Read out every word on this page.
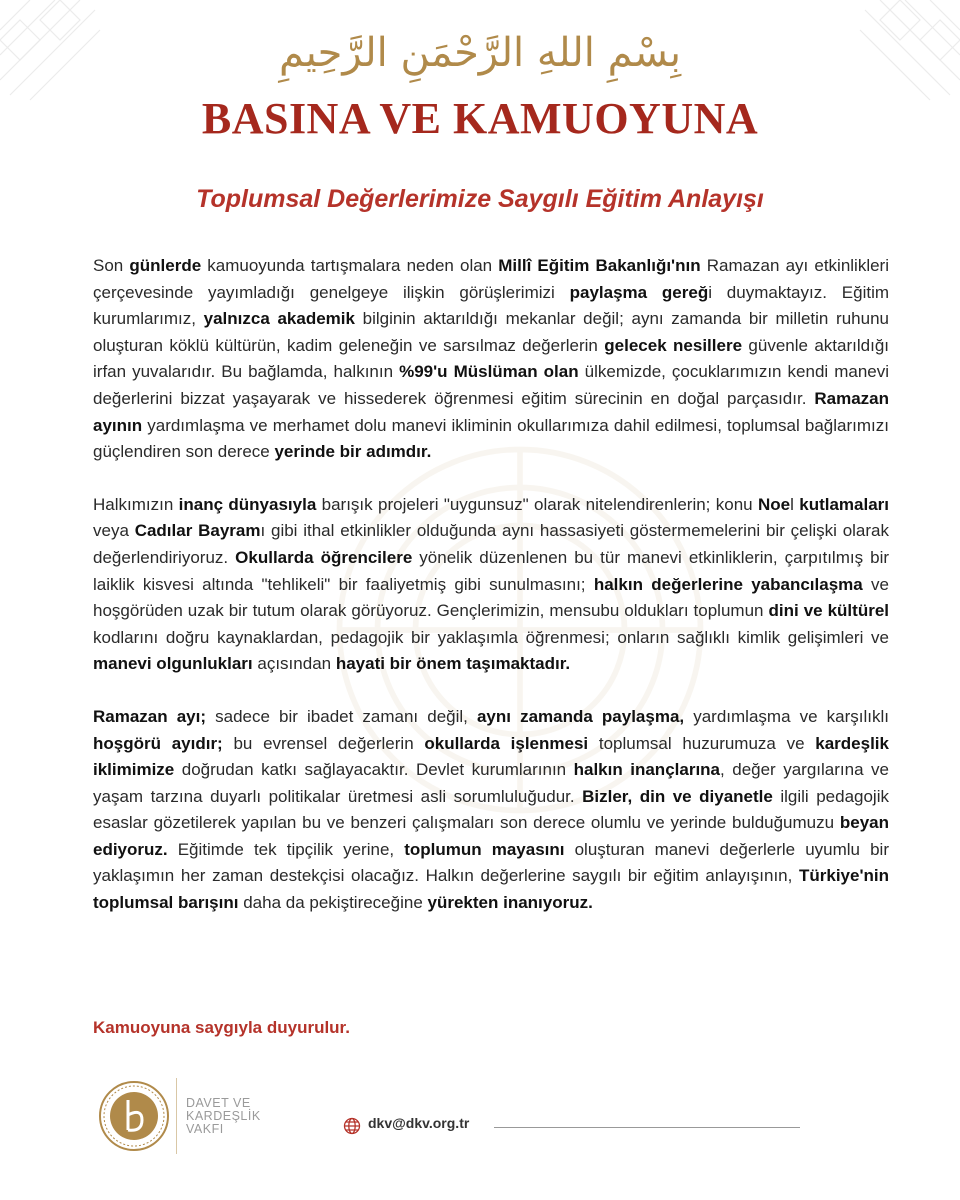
بِسْمِ اللهِ الرَّحْمَنِ الرَّحِيمِ
BASINA VE KAMUOYUNA
Toplumsal Değerlerimize Saygılı Eğitim Anlayışı

Son günlerde kamuoyunda tartışmalara neden olan Millî Eğitim Bakanlığı'nın Ramazan ayı etkinlikleri çerçevesinde yayımladığı genelgeye ilişkin görüşlerimizi paylaşma gereği duymaktayız. Eğitim kurumlarımız, yalnızca akademik bilginin aktarıldığı mekanlar değil; aynı zamanda bir milletin ruhunu oluşturan köklü kültürün, kadim geleneğin ve sarsılmaz değerlerin gelecek nesillere güvenle aktarıldığı irfan yuvalarıdır. Bu bağlamda, halkının %99'u Müslüman olan ülkemizde, çocuklarımızın kendi manevi değerlerini bizzat yaşayarak ve hissederek öğrenmesi eğitim sürecinin en doğal parçasıdır. Ramazan ayının yardımlaşma ve merhamet dolu manevi ikliminin okullarımıza dahil edilmesi, toplumsal bağlarımızı güçlendiren son derece yerinde bir adımdır.

Halkımızın inanç dünyasıyla barışık projeleri "uygunsuz" olarak nitelendirenlerin; konu Noel kutlamaları veya Cadılar Bayramı gibi ithal etkinlikler olduğunda aynı hassasiyeti göstermemelerini bir çelişki olarak değerlendiriyoruz. Okullarda öğrencilere yönelik düzenlenen bu tür manevi etkinliklerin, çarpıtılmış bir laiklik kisvesi altında "tehlikeli" bir faaliyetmiş gibi sunulmasını; halkın değerlerine yabancılaşma ve hoşgörüden uzak bir tutum olarak görüyoruz. Gençlerimizin, mensubu oldukları toplumun dini ve kültürel kodlarını doğru kaynaklardan, pedagojik bir yaklaşımla öğrenmesi; onların sağlıklı kimlik gelişimleri ve manevi olgunlukları açısından hayati bir önem taşımaktadır.

Ramazan ayı; sadece bir ibadet zamanı değil, aynı zamanda paylaşma, yardımlaşma ve karşılıklı hoşgörü ayıdır; bu evrensel değerlerin okullarda işlenmesi toplumsal huzurumuza ve kardeşlik iklimimize doğrudan katkı sağlayacaktır. Devlet kurumlarının halkın inançlarına, değer yargılarına ve yaşam tarzına duyarlı politikalar üretmesi asli sorumluluğudur. Bizler, din ve diyanetle ilgili pedagojik esaslar gözetilerek yapılan bu ve benzeri çalışmaları son derece olumlu ve yerinde bulduğumuzu beyan ediyoruz. Eğitimde tek tipçilik yerine, toplumun mayasını oluşturan manevi değerlerle uyumlu bir yaklaşımın her zaman destekçisi olacağız. Halkın değerlerine saygılı bir eğitim anlayışının, Türkiye'nin toplumsal barışını daha da pekiştireceğine yürekten inanıyoruz.

Kamuoyuna saygıyla duyurulur.
DAVET VE
KARDEŞLİK
VAKFI	dkv@dkv.org.tr
